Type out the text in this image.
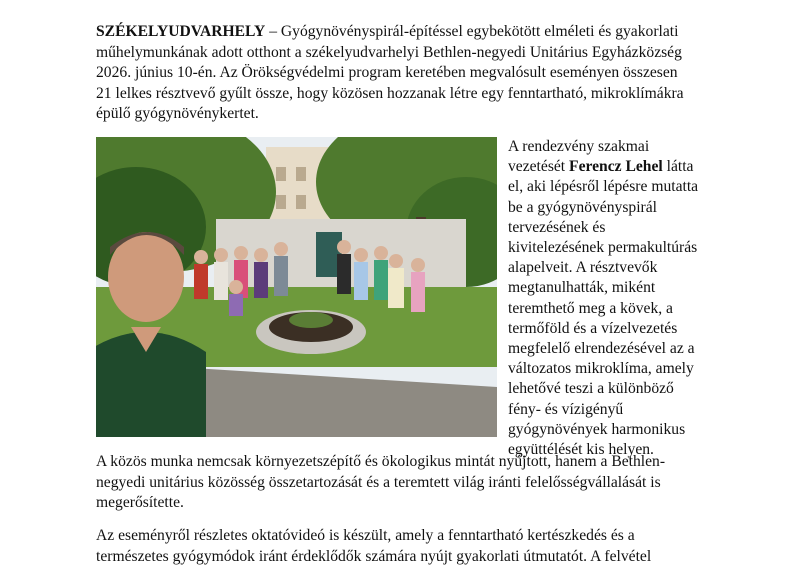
SZÉKELYUDVARHELY – Gyógynövényspirál-építéssel egybekötött elméleti és gyakorlati
műhelymunkának adott otthont a székelyudvarhelyi Bethlen-negyedi Unitárius Egyházközség
2026. június 10-én. Az Örökségvédelmi program keretében megvalósult eseményen összesen
21 lelkes résztvevő gyűlt össze, hogy közösen hozzanak létre egy fenntartható, mikroklímákra
épülő gyógynövénykertet.
A rendezvény szakmai
vezetését Ferencz Lehel látta
el, aki lépésről lépésre mutatta
be a gyógynövényspirál
tervezésének és
kivitelezésének permakultúrás
alapelveit. A résztvevők
megtanulhatták, miként
teremthető meg a kövek, a
termőföld és a vízelvezetés
megfelelő elrendezésével az a
változatos mikroklíma, amely
lehetővé teszi a különböző
fény- és vízigényű
gyógynövények harmonikus
együttélését kis helyen.
A közös munka nemcsak környezetszépítő és ökologikus mintát nyújtott, hanem a Bethlen-
negyedi unitárius közösség összetartozását és a teremtett világ iránti felelősségvállalását is
megerősítette.
Az eseményről részletes oktatóvideó is készült, amely a fenntartható kertészkedés és a
természetes gyógymódok iránt érdeklődők számára nyújt gyakorlati útmutatót. A felvétel
